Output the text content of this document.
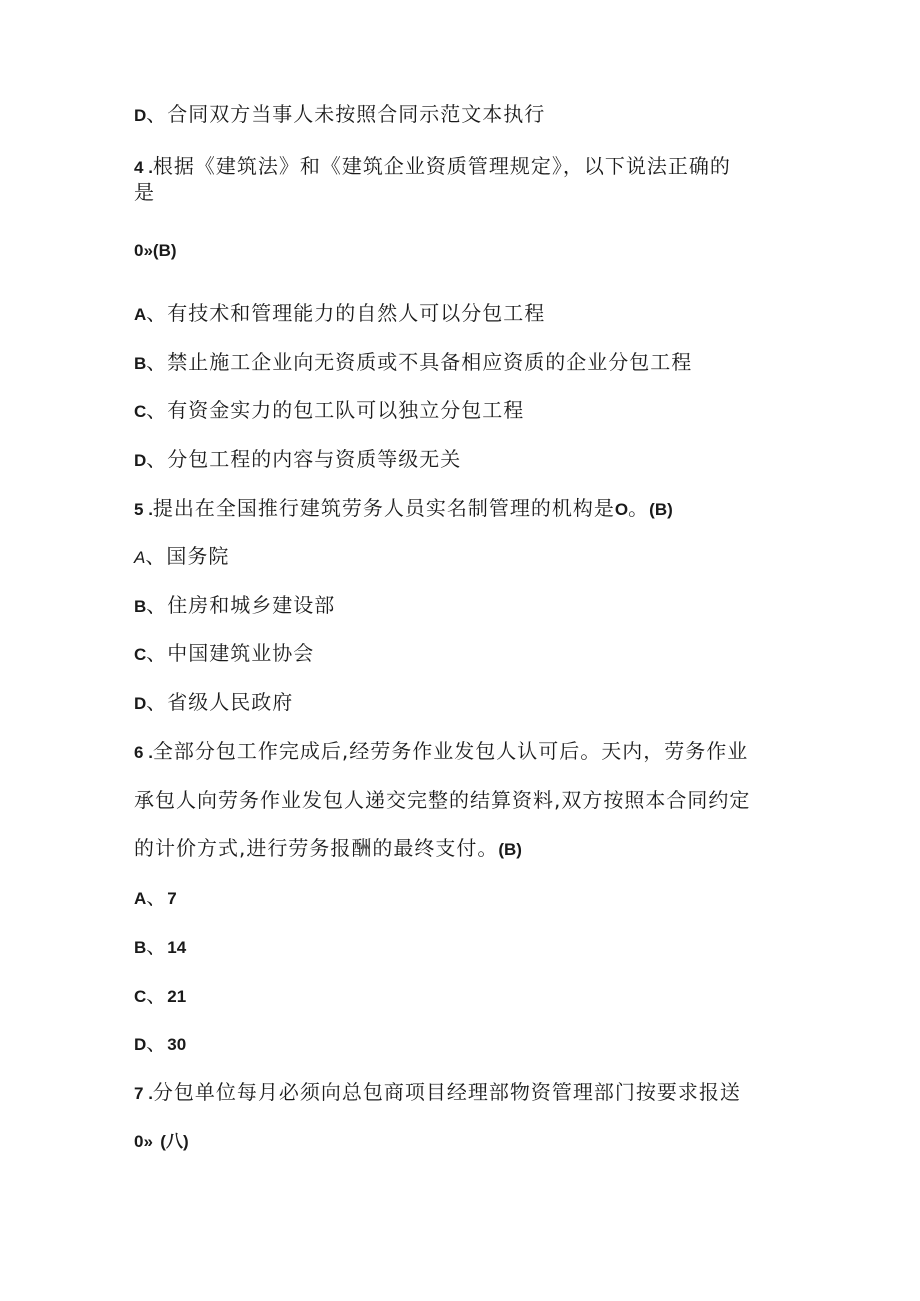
D、合同双方当事人未按照合同示范文本执行
4 .根据《建筑法》和《建筑企业资质管理规定》，以下说法正确的
是
0»(B)
A、有技术和管理能力的自然人可以分包工程
B、禁止施工企业向无资质或不具备相应资质的企业分包工程
C、有资金实力的包工队可以独立分包工程
D、分包工程的内容与资质等级无关
5 .提出在全国推行建筑劳务人员实名制管理的机构是O。(B)
A、国务院
B、住房和城乡建设部
C、中国建筑业协会
D、省级人民政府
6 .全部分包工作完成后,经劳务作业发包人认可后。天内，劳务作业
承包人向劳务作业发包人递交完整的结算资料,双方按照本合同约定
的计价方式,进行劳务报酬的最终支付。(B)
A、7
B、14
C、21
D、30
7 .分包单位每月必须向总包商项目经理部物资管理部门按要求报送
0» (八)
